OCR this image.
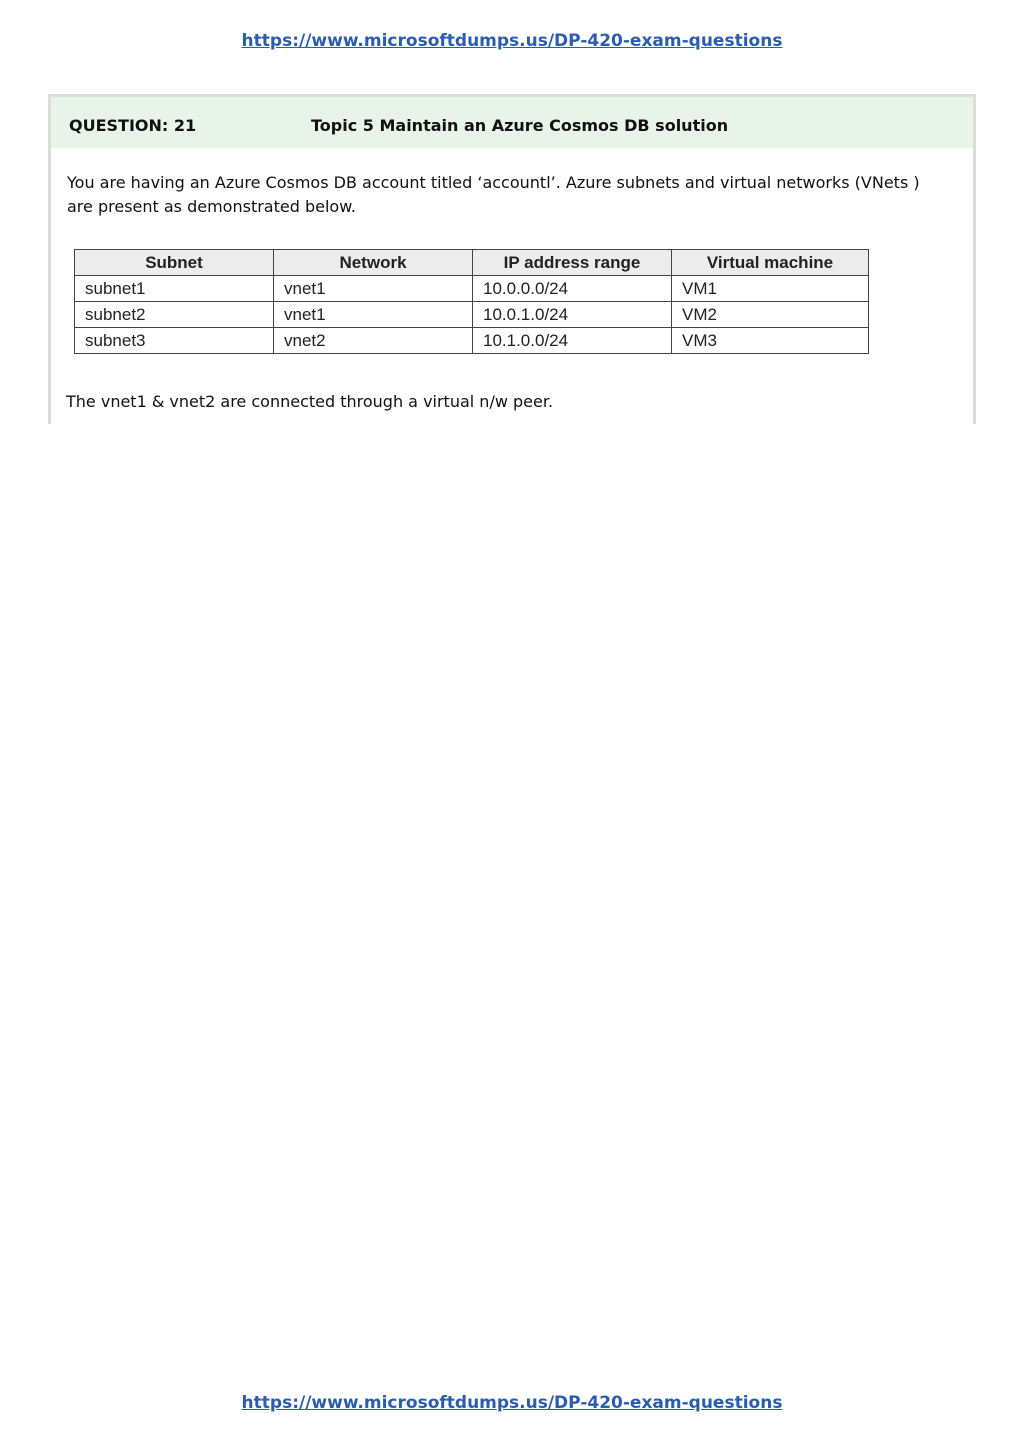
https://www.microsoftdumps.us/DP-420-exam-questions
QUESTION: 21	Topic 5 Maintain an Azure Cosmos DB solution
You are having an Azure Cosmos DB account titled ‘accountl’. Azure subnets and virtual networks (VNets ) are present as demonstrated below.
Subnet	Network	IP address range	Virtual machine
subnet1	vnet1	10.0.0.0/24	VM1
subnet2	vnet1	10.0.1.0/24	VM2
subnet3	vnet2	10.1.0.0/24	VM3
The vnet1 & vnet2 are connected through a virtual n/w peer.
https://www.microsoftdumps.us/DP-420-exam-questions
